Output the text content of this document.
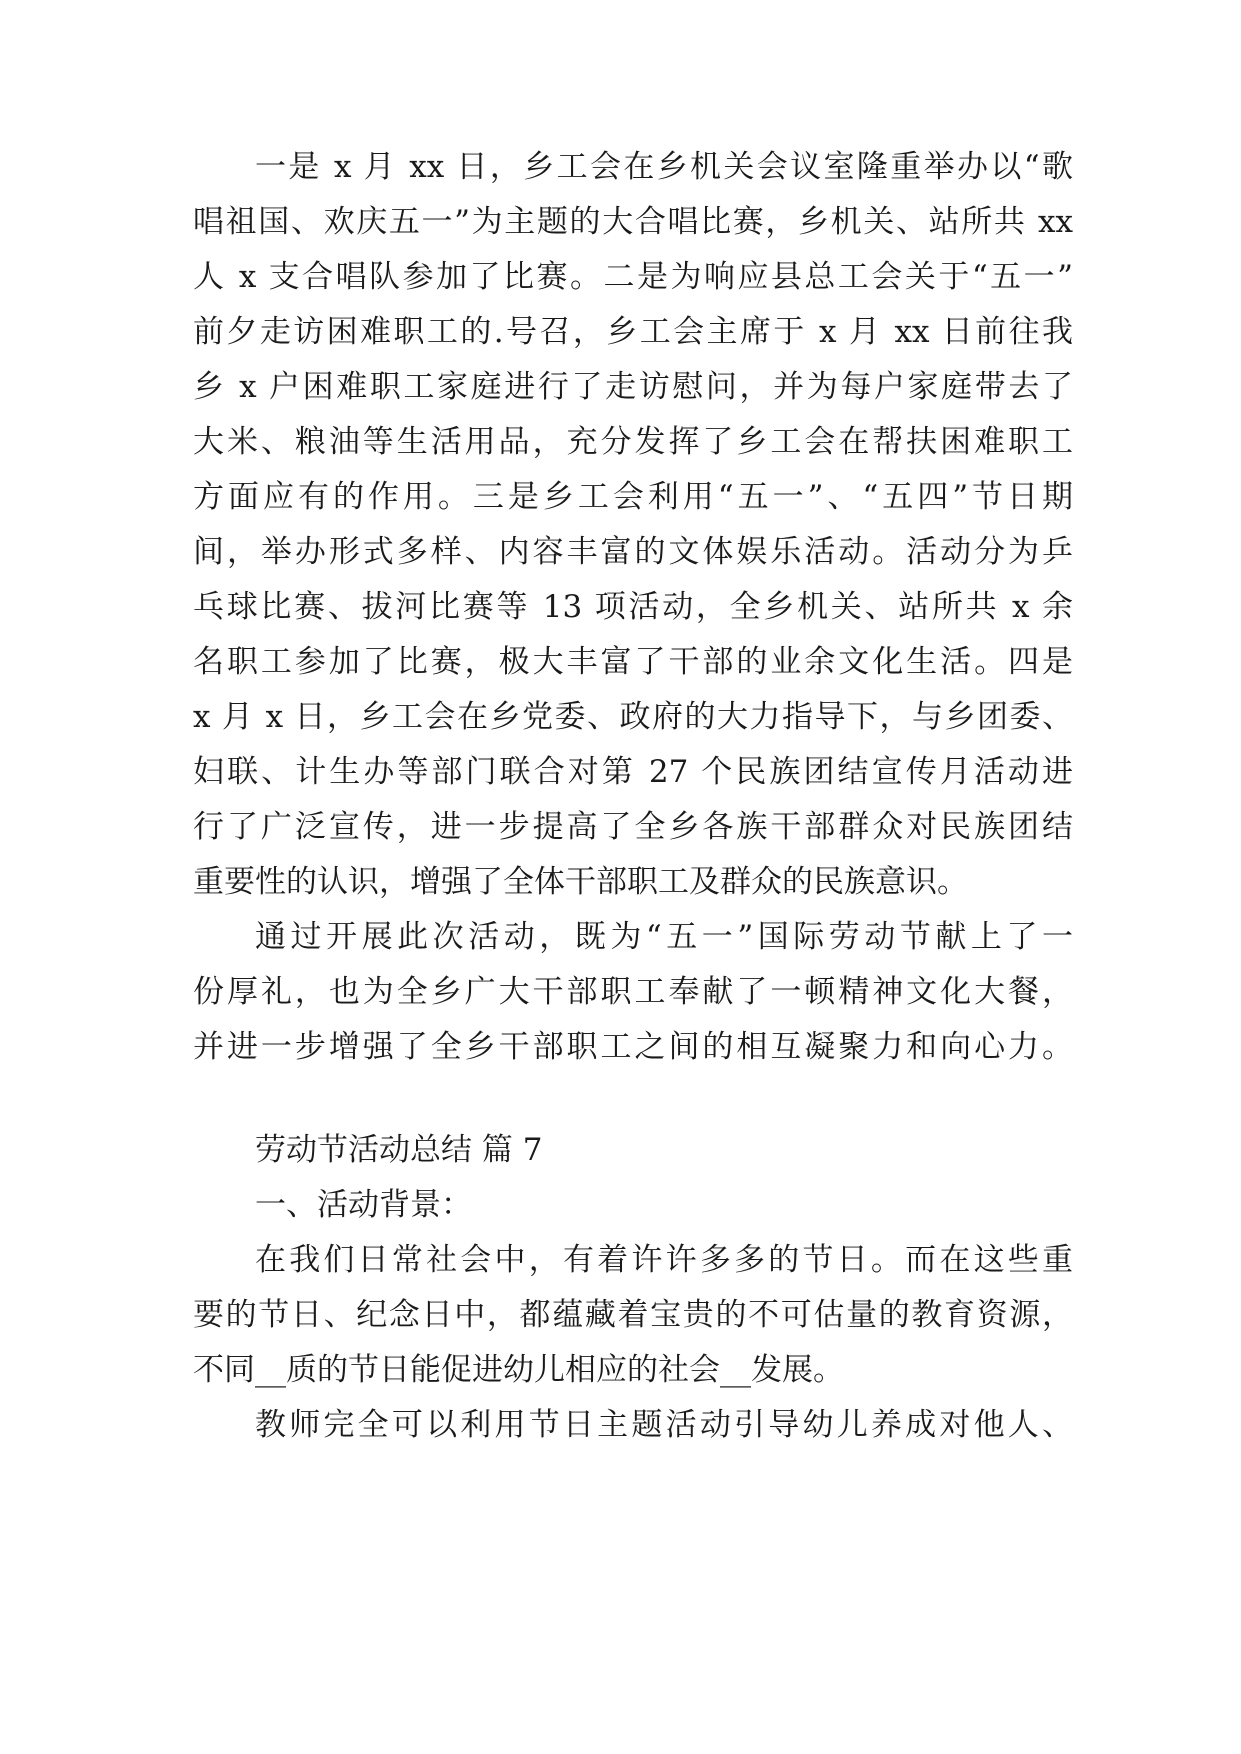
一是 x 月 xx 日，乡工会在乡机关会议室隆重举办以“歌
唱祖国、欢庆五一”为主题的大合唱比赛，乡机关、站所共 xx
人 x 支合唱队参加了比赛。二是为响应县总工会关于“五一”
前夕走访困难职工的.号召，乡工会主席于 x 月 xx 日前往我
乡 x 户困难职工家庭进行了走访慰问，并为每户家庭带去了
大米、粮油等生活用品，充分发挥了乡工会在帮扶困难职工
方面应有的作用。三是乡工会利用“五一”、“五四”节日期
间，举办形式多样、内容丰富的文体娱乐活动。活动分为乒
乓球比赛、拔河比赛等 13 项活动，全乡机关、站所共 x 余
名职工参加了比赛，极大丰富了干部的业余文化生活。四是
x 月 x 日，乡工会在乡党委、政府的大力指导下，与乡团委、
妇联、计生办等部门联合对第 27 个民族团结宣传月活动进
行了广泛宣传，进一步提高了全乡各族干部群众对民族团结
重要性的认识，增强了全体干部职工及群众的民族意识。
通过开展此次活动，既为“五一”国际劳动节献上了一
份厚礼，也为全乡广大干部职工奉献了一顿精神文化大餐，
并进一步增强了全乡干部职工之间的相互凝聚力和向心力。
劳动节活动总结 篇 7
一、活动背景：
在我们日常社会中，有着许许多多的节日。而在这些重
要的节日、纪念日中，都蕴藏着宝贵的不可估量的教育资源，
不同__质的节日能促进幼儿相应的社会__发展。
教师完全可以利用节日主题活动引导幼儿养成对他人、
